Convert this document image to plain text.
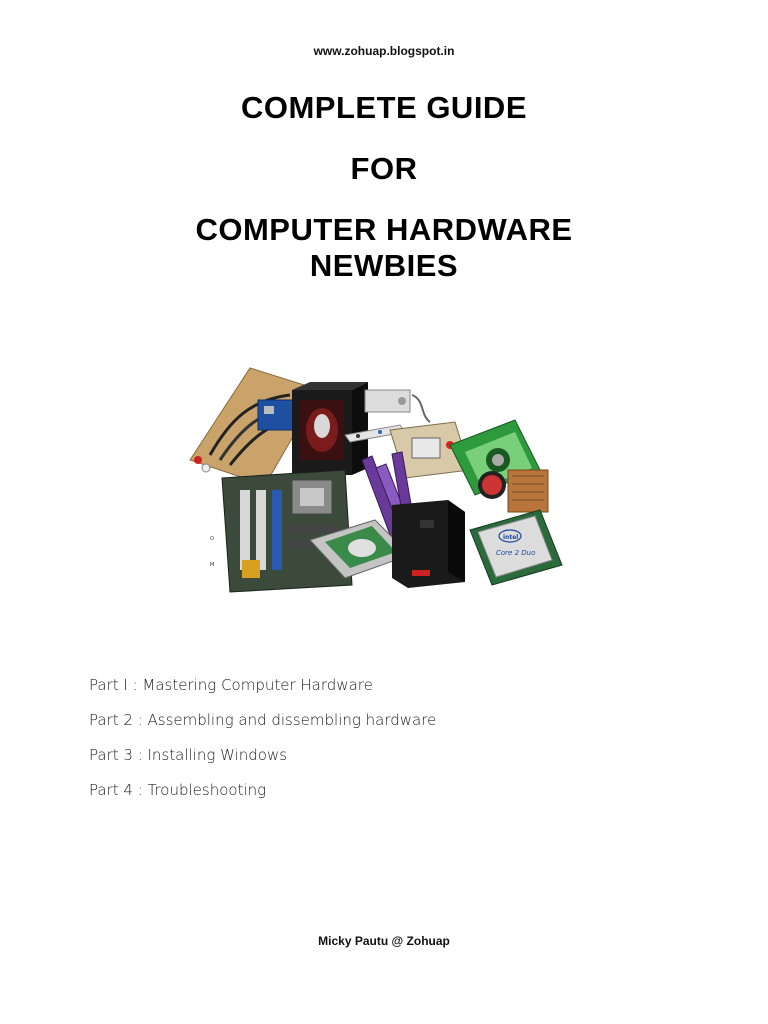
www.zohuap.blogspot.in
COMPLETE GUIDE
FOR
COMPUTER HARDWARE
NEWBIES
O
M
intel
Core 2 Duo
Part I : Mastering Computer Hardware
Part 2 : Assembling and dissembling hardware
Part 3 : Installing Windows
Part 4 : Troubleshooting
Micky Pautu @ Zohuap
